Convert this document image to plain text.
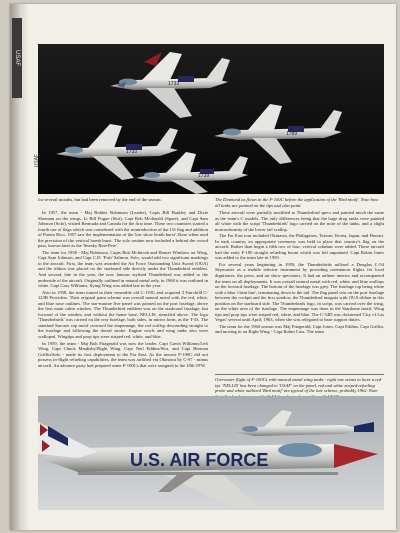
USAF
1733
1789
1733
1739
USAF

for several months, but had been removed by the end of the season.	The Diamond as flown in the F-100C before the application of the 'Bird motif'. Note how all tanks are painted on the tips and also paint.

In 1957, the team - Maj Robbie Robinson (Leader), Capts Bill Barkley and Dixie Sherman on the wings, Lt Bill Pogue (Slot), Capt Bob Mcdonald (Spare), and Capt Sam Johnson (Solo), visited Bermuda and Canada for the first time. These two countries started a fourth use of flags which was considered with the reintroduction of the US flag and addition of Puerto Rico. 1957 saw the implementation of the 'low show bomb burst'. Rose when used the precision of the vertical bomb burst. The solo routine now included a behind the crowd pass, known later as the 'Sneaky Rete Pete'.

The team for 1958 - Maj Robinson, Capts Bob McIntosh and Homer Winthow on Wing, Capt Sam Johnson, and Capt C.D. 'Fish' Salmon. Solo, would add two significant markings to the aircraft. First, the team was awarded the Air Force Outstanding Unit Award (OUA) and the ribbon was placed on the starboard side directly under the Thunderbird emblem. And second, late in the year, the now famous stylised Thunderbird was added to the underside of the aircraft. Originally outlined in natural metal only, in 1960 it was outlined in white. Capt Gary Williams, flying Wing was added late in the year.

Also in 1958, the team turned in their venerable old C-119G and acquired 3 Fairchild C-123B Providers. Their original paint scheme was overall natural metal with the red, white, and blue nose outlines. The star-marine five panel was painted on the port fuselage, above the first main cabin window. The Thunderbird emblem was on the starboard fuselage, but forward of the window and without the home base, NELLIS, stenciled above. The logo 'Thunderbirds' was carried on the rear fuselage, both sides, in mirror form, as the T-33. The standard Surcare cap motif crowned the empennage, the red scallop descending straight to the fuselage and following the dorsal stroke. Engine cowls and wing tanks also were scalloped. Wingtips and prop tips were striped red, white, and blue.

In 1959, the team - Maj Bob Fitzgerald was now the leader, Capt Gavin Williams/Left Wing, Capt Chuck Maultsby/Right Wing, Capt Neil Eddins/Slot, and Capt Herman Griffin/Solo - made its first deployment to the Far East. As the newest F-100C did not possess in-flight refueling capabilities, the team was airlifted via Okinawa by C-97 - minus aircraft. An advance party had prepared some F-100Cs that were assigned to the 18th TFW.

These aircraft were partially modified to Thunderbird specs and painted much the same as the team's C models. The only differences being that the large drop tanks were painted all white with the script 'Thunderbirds' logo carried on the nose of the tanks, and a slight nonconformity of the lower tail scallop.

The Far East tour included Okinawa, the Philippines, Taiwan, Korea, Japan, and Hawaii. In each country, an appropriate ceremony was held to place that country's flag on the aircraft. Rather than begin a fifth row of four, vertical columns were added. These aircraft had the early F-100 straight refueling boom which was left unpainted. Capt Robin Jones was added to the team late in 1959.

For several years beginning in 1959, the Thunderbirds utilized a Douglas C-54 Skymaster as a mobile telecine instrument by providing orientation flights for local dignitaries, the press, and air show spectators. It had an airliner interior and accompanied the team on all deployments. It was overall natural metal with red, white, and blue scallops on the forward fuselage. The bottom of the fuselage was grey. The fuselage top being white with a blue 'cheat line', terminating down to the tail. The flag panel was on the port fuselage between the cockpit and the first window, the Thunderbird insignia with OUA ribbon in this position on the starboard side. The Thunderbirds logo, in script, was carried over the wing, on the white area of the fuselage. The empennage was done in the Stardome motif. Wing tips and prop tips were striped red, white, and blue. The C-54D was christened 'City of Las Vegas' several until April, 1963, when she was relegated to base support duties.

The team for the 1960 season was Maj Fitzgerald, Capt Jones, Capt Eddins, Capt Griffin, and moving in on Right Wing - Capt Robin Cass. The team

Overwater flight of F-100Cs with natural metal wing tanks - right one seems to have a red tip. 'NELLIS' has been changed to 'USAF' on the panel, red and white striped refueling probe and white outlined 'Bird motif' are typical of the late scheme, probably 1962. Note

U.S. AIR FORCE
